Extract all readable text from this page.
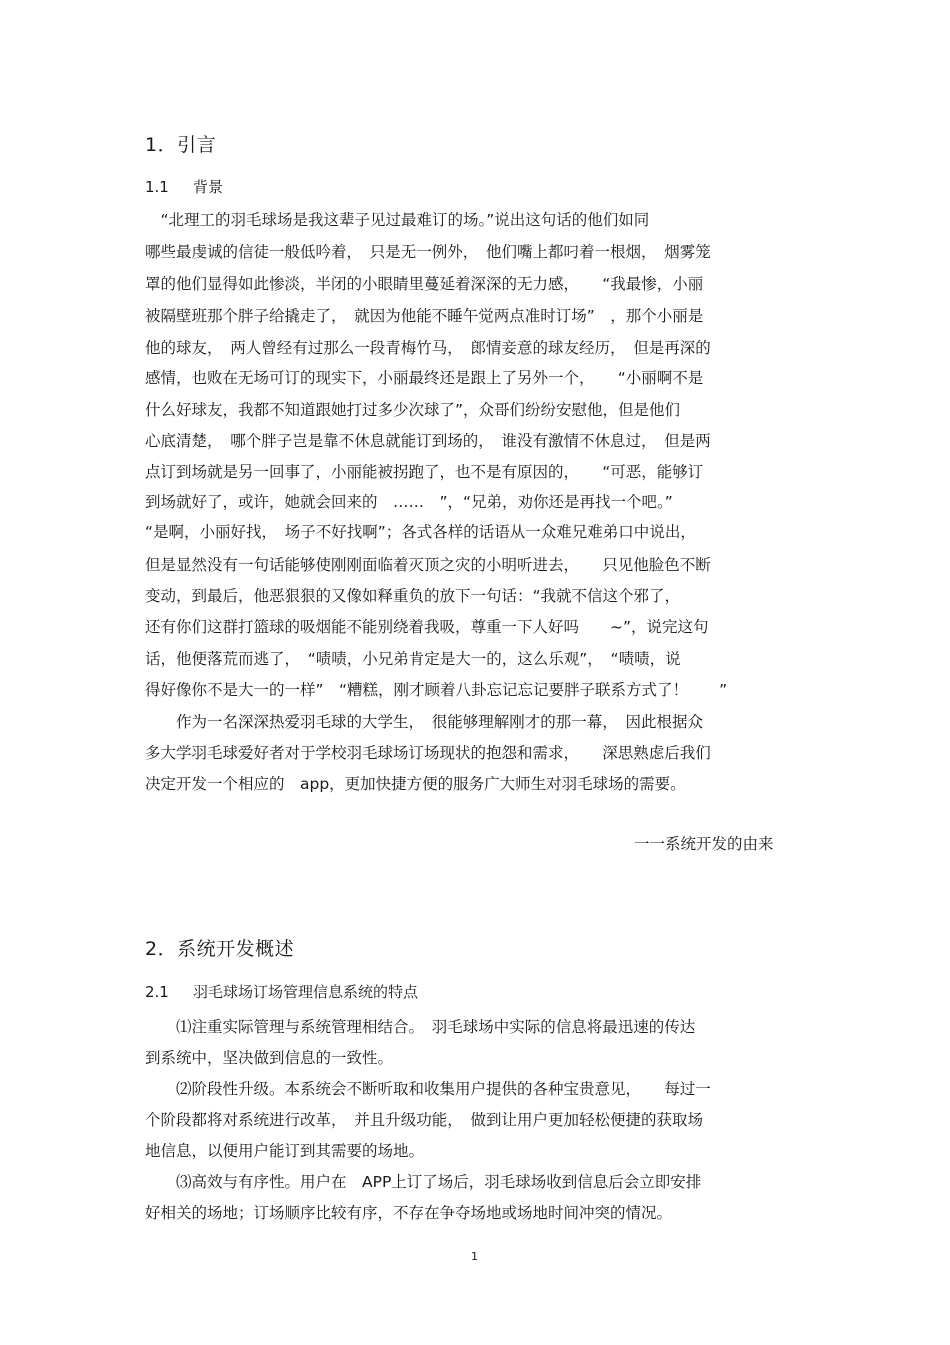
1．引言
1.1 背景
　“北理工的羽毛球场是我这辈子见过最难订的场。”说出这句话的他们如同
哪些最虔诚的信徒一般低吟着，　只是无一例外，　他们嘴上都叼着一根烟，　烟雾笼
罩的他们显得如此惨淡，半闭的小眼睛里蔓延着深深的无力感，　　“我最惨，小丽
被隔壁班那个胖子给撬走了，　就因为他能不睡午觉两点准时订场”　，那个小丽是
他的球友，　两人曾经有过那么一段青梅竹马，　郎情妾意的球友经历，　但是再深的
感情，也败在无场可订的现实下，小丽最终还是跟上了另外一个，　　“小丽啊不是
什么好球友，我都不知道跟她打过多少次球了”，众哥们纷纷安慰他，但是他们
心底清楚，　哪个胖子岂是靠不休息就能订到场的，　谁没有激情不休息过，　但是两
点订到场就是另一回事了，小丽能被拐跑了，也不是有原因的，　　“可恶，能够订
到场就好了，或许，她就会回来的　……　”，“兄弟，劝你还是再找一个吧。”
“是啊，小丽好找，　场子不好找啊”；各式各样的话语从一众难兄难弟口中说出，
但是显然没有一句话能够使刚刚面临着灭顶之灾的小明听进去，　　只见他脸色不断
变动，到最后，他恶狠狠的又像如释重负的放下一句话：“我就不信这个邪了，
还有你们这群打篮球的吸烟能不能别绕着我吸，尊重一下人好吗　　~”，说完这句
话，他便落荒而逃了，　“啧啧，小兄弟肯定是大一的，这么乐观”，　“啧啧，说
得好像你不是大一的一样”　“糟糕，刚才顾着八卦忘记忘记要胖子联系方式了！　　”
　　作为一名深深热爱羽毛球的大学生，　很能够理解刚才的那一幕，　因此根据众
多大学羽毛球爱好者对于学校羽毛球场订场现状的抱怨和需求，　　深思熟虑后我们
决定开发一个相应的　app，更加快捷方便的服务广大师生对羽毛球场的需要。
一一系统开发的由来
2．系统开发概述
2.1 羽毛球场订场管理信息系统的特点
　　⑴注重实际管理与系统管理相结合。　羽毛球场中实际的信息将最迅速的传达
到系统中，坚决做到信息的一致性。
　　⑵阶段性升级。本系统会不断听取和收集用户提供的各种宝贵意见，　　每过一
个阶段都将对系统进行改革，　并且升级功能，　做到让用户更加轻松便捷的获取场
地信息，以便用户能订到其需要的场地。
　　⑶高效与有序性。用户在　APP上订了场后，羽毛球场收到信息后会立即安排
好相关的场地；订场顺序比较有序，不存在争夺场地或场地时间冲突的情况。
1
